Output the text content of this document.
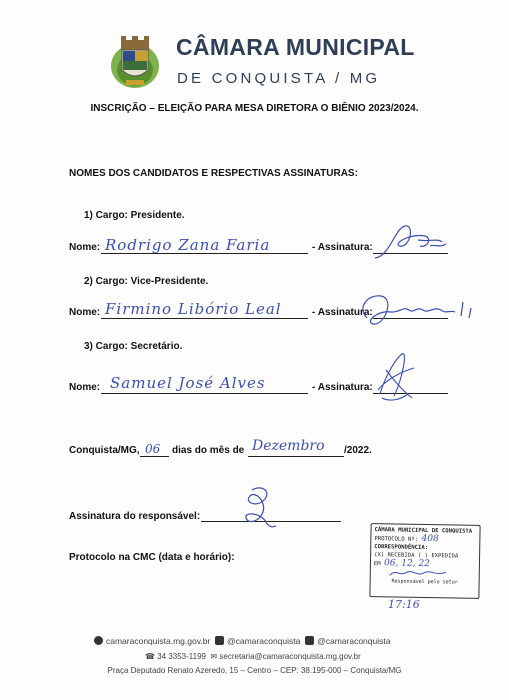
CÂMARA MUNICIPAL
DE CONQUISTA / MG
INSCRIÇÃO – ELEIÇÃO PARA MESA DIRETORA O BIÊNIO 2023/2024.
NOMES DOS CANDIDATOS E RESPECTIVAS ASSINATURAS:
1) Cargo: Presidente.
Nome: Rodrigo Zana Faria	- Assinatura:
2) Cargo: Vice-Presidente.
Nome: Firmino Libório Leal	- Assinatura:
3) Cargo: Secretário.
Nome: Samuel José Alves	- Assinatura:
Conquista/MG, 06 dias do mês de Dezembro /2022.
Assinatura do responsável:
Protocolo na CMC (data e horário):
CÂMARA MUNICIPAL DE CONQUISTA
PROTOCOLO Nº: 408
CORRESPONDÊNCIA:
(X) RECEBIDA ( ) EXPEDIDA
EM 06, 12, 22
Responsável pelo setor
17:16
camaraconquista.mg.gov.br @camaraconquista @camaraconquista
☎ 34 3353-1199 ✉ secretaria@camaraconquista.mg.gov.br
Praça Deputado Renato Azeredo, 15 – Centro – CEP: 38.195-000 – Conquista/MG
